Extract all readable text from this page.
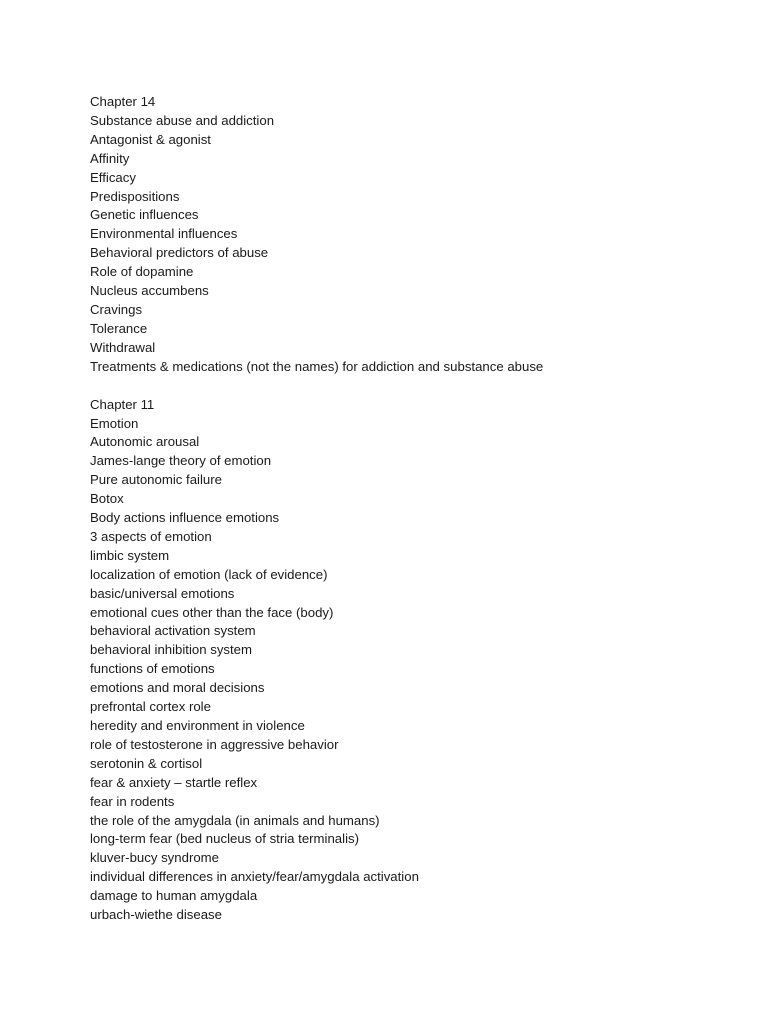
Chapter 14

Substance abuse and addiction

Antagonist & agonist

Affinity

Efficacy

Predispositions

Genetic influences

Environmental influences

Behavioral predictors of abuse

Role of dopamine

Nucleus accumbens

Cravings

Tolerance

Withdrawal

Treatments & medications (not the names) for addiction and substance abuse

Chapter 11

Emotion

Autonomic arousal

James-lange theory of emotion

Pure autonomic failure

Botox

Body actions influence emotions

3 aspects of emotion

limbic system

localization of emotion (lack of evidence)

basic/universal emotions

emotional cues other than the face (body)

behavioral activation system

behavioral inhibition system

functions of emotions

emotions and moral decisions

prefrontal cortex role

heredity and environment in violence

role of testosterone in aggressive behavior

serotonin & cortisol

fear & anxiety – startle reflex

fear in rodents

the role of the amygdala (in animals and humans)

long-term fear (bed nucleus of stria terminalis)

kluver-bucy syndrome

individual differences in anxiety/fear/amygdala activation

damage to human amygdala

urbach-wiethe disease
